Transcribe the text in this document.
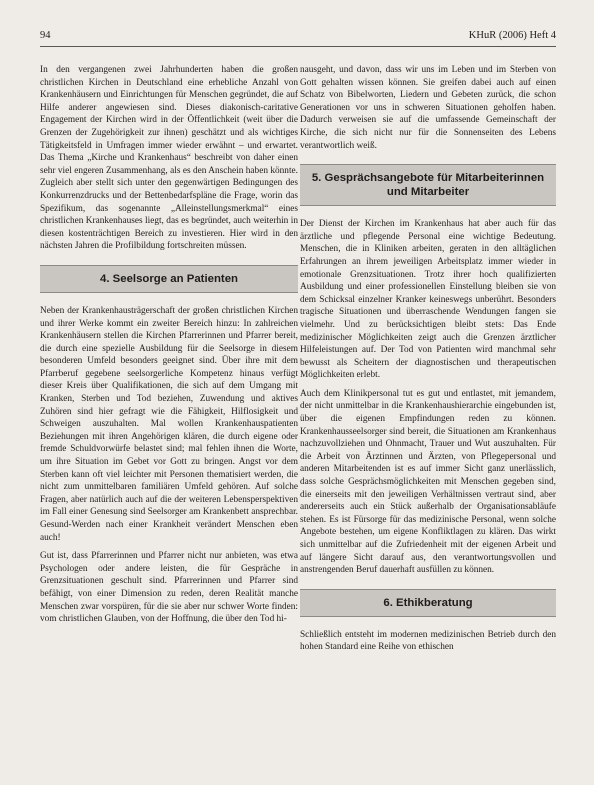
94	KHuR (2006) Heft 4

In den vergangenen zwei Jahrhunderten haben die großen christlichen Kirchen in Deutschland eine erhebliche Anzahl von Krankenhäusern und Einrichtungen für Menschen gegründet, die auf Hilfe anderer angewiesen sind. Dieses diakonisch-caritative Engagement der Kirchen wird in der Öffentlichkeit (weit über die Grenzen der Zugehörigkeit zur ihnen) geschätzt und als wichtiges Tätigkeitsfeld in Umfragen immer wieder erwähnt – und erwartet. Das Thema „Kirche und Krankenhaus“ beschreibt von daher einen sehr viel engeren Zusammenhang, als es den Anschein haben könnte. Zugleich aber stellt sich unter den gegenwärtigen Bedingungen des Konkurrenzdrucks und der Bettenbedarfspläne die Frage, worin das Spezifikum, das sogenannte „Alleinstellungsmerkmal“ eines christlichen Krankenhauses liegt, das es begründet, auch weiterhin in diesen kostenträchtigen Bereich zu investieren. Hier wird in den nächsten Jahren die Profilbildung fortschreiten müssen.

4. Seelsorge an Patienten

Neben der Krankenhausträgerschaft der großen christlichen Kirchen und ihrer Werke kommt ein zweiter Bereich hinzu: In zahlreichen Krankenhäusern stellen die Kirchen Pfarrerinnen und Pfarrer bereit, die durch eine spezielle Ausbildung für die Seelsorge in diesem besonderen Umfeld besonders geeignet sind. Über ihre mit dem Pfarrberuf gegebene seelsorgerliche Kompetenz hinaus verfügt dieser Kreis über Qualifikationen, die sich auf dem Umgang mit Kranken, Sterben und Tod beziehen, Zuwendung und aktives Zuhören sind hier gefragt wie die Fähigkeit, Hilflosigkeit und Schweigen auszuhalten. Mal wollen Krankenhauspatienten Beziehungen mit ihren Angehörigen klären, die durch eigene oder fremde Schuldvorwürfe belastet sind; mal fehlen ihnen die Worte, um ihre Situation im Gebet vor Gott zu bringen. Angst vor dem Sterben kann oft viel leichter mit Personen thematisiert werden, die nicht zum unmittelbaren familiären Umfeld gehören. Auf solche Fragen, aber natürlich auch auf die der weiteren Lebensperspektiven im Fall einer Genesung sind Seelsorger am Krankenbett ansprechbar. Gesund-Werden nach einer Krankheit verändert Menschen eben auch!

Gut ist, dass Pfarrerinnen und Pfarrer nicht nur anbieten, was etwa Psychologen oder andere leisten, die für Gespräche in Grenzsituationen geschult sind. Pfarrerinnen und Pfarrer sind befähigt, von einer Dimension zu reden, deren Realität manche Menschen zwar vorspüren, für die sie aber nur schwer Worte finden: vom christlichen Glauben, von der Hoffnung, die über den Tod hi-

nausgeht, und davon, dass wir uns im Leben und im Sterben von Gott gehalten wissen können. Sie greifen dabei auch auf einen Schatz von Bibelworten, Liedern und Gebeten zurück, die schon Generationen vor uns in schweren Situationen geholfen haben. Dadurch verweisen sie auf die umfassende Gemeinschaft der Kirche, die sich nicht nur für die Sonnenseiten des Lebens verantwortlich weiß.

5. Gesprächsangebote für Mitarbeiterinnen und Mitarbeiter

Der Dienst der Kirchen im Krankenhaus hat aber auch für das ärztliche und pflegende Personal eine wichtige Bedeutung. Menschen, die in Kliniken arbeiten, geraten in den alltäglichen Erfahrungen an ihrem jeweiligen Arbeitsplatz immer wieder in emotionale Grenzsituationen. Trotz ihrer hoch qualifizierten Ausbildung und einer professionellen Einstellung bleiben sie von dem Schicksal einzelner Kranker keineswegs unberührt. Besonders tragische Situationen und überraschende Wendungen fangen sie vielmehr. Und zu berücksichtigen bleibt stets: Das Ende medizinischer Möglichkeiten zeigt auch die Grenzen ärztlicher Hilfeleistungen auf. Der Tod von Patienten wird manchmal sehr bewusst als Scheitern der diagnostischen und therapeutischen Möglichkeiten erlebt.

Auch dem Klinikpersonal tut es gut und entlastet, mit jemandem, der nicht unmittelbar in die Krankenhaushierarchie eingebunden ist, über die eigenen Empfindungen reden zu können. Krankenhausseelsorger sind bereit, die Situationen am Krankenhaus nachzuvollziehen und Ohnmacht, Trauer und Wut auszuhalten. Für die Arbeit von Ärztinnen und Ärzten, von Pflegepersonal und anderen Mitarbeitenden ist es auf immer Sicht ganz unerlässlich, dass solche Gesprächsmöglichkeiten mit Menschen gegeben sind, die einerseits mit den jeweiligen Verhältnissen vertraut sind, aber andererseits auch ein Stück außerhalb der Organisationsabläufe stehen. Es ist Fürsorge für das medizinische Personal, wenn solche Angebote bestehen, um eigene Konfliktlagen zu klären. Das wirkt sich unmittelbar auf die Zufriedenheit mit der eigenen Arbeit und auf längere Sicht darauf aus, den verantwortungsvollen und anstrengenden Beruf dauerhaft ausfüllen zu können.

6. Ethikberatung

Schließlich entsteht im modernen medizinischen Betrieb durch den hohen Standard eine Reihe von ethischen
